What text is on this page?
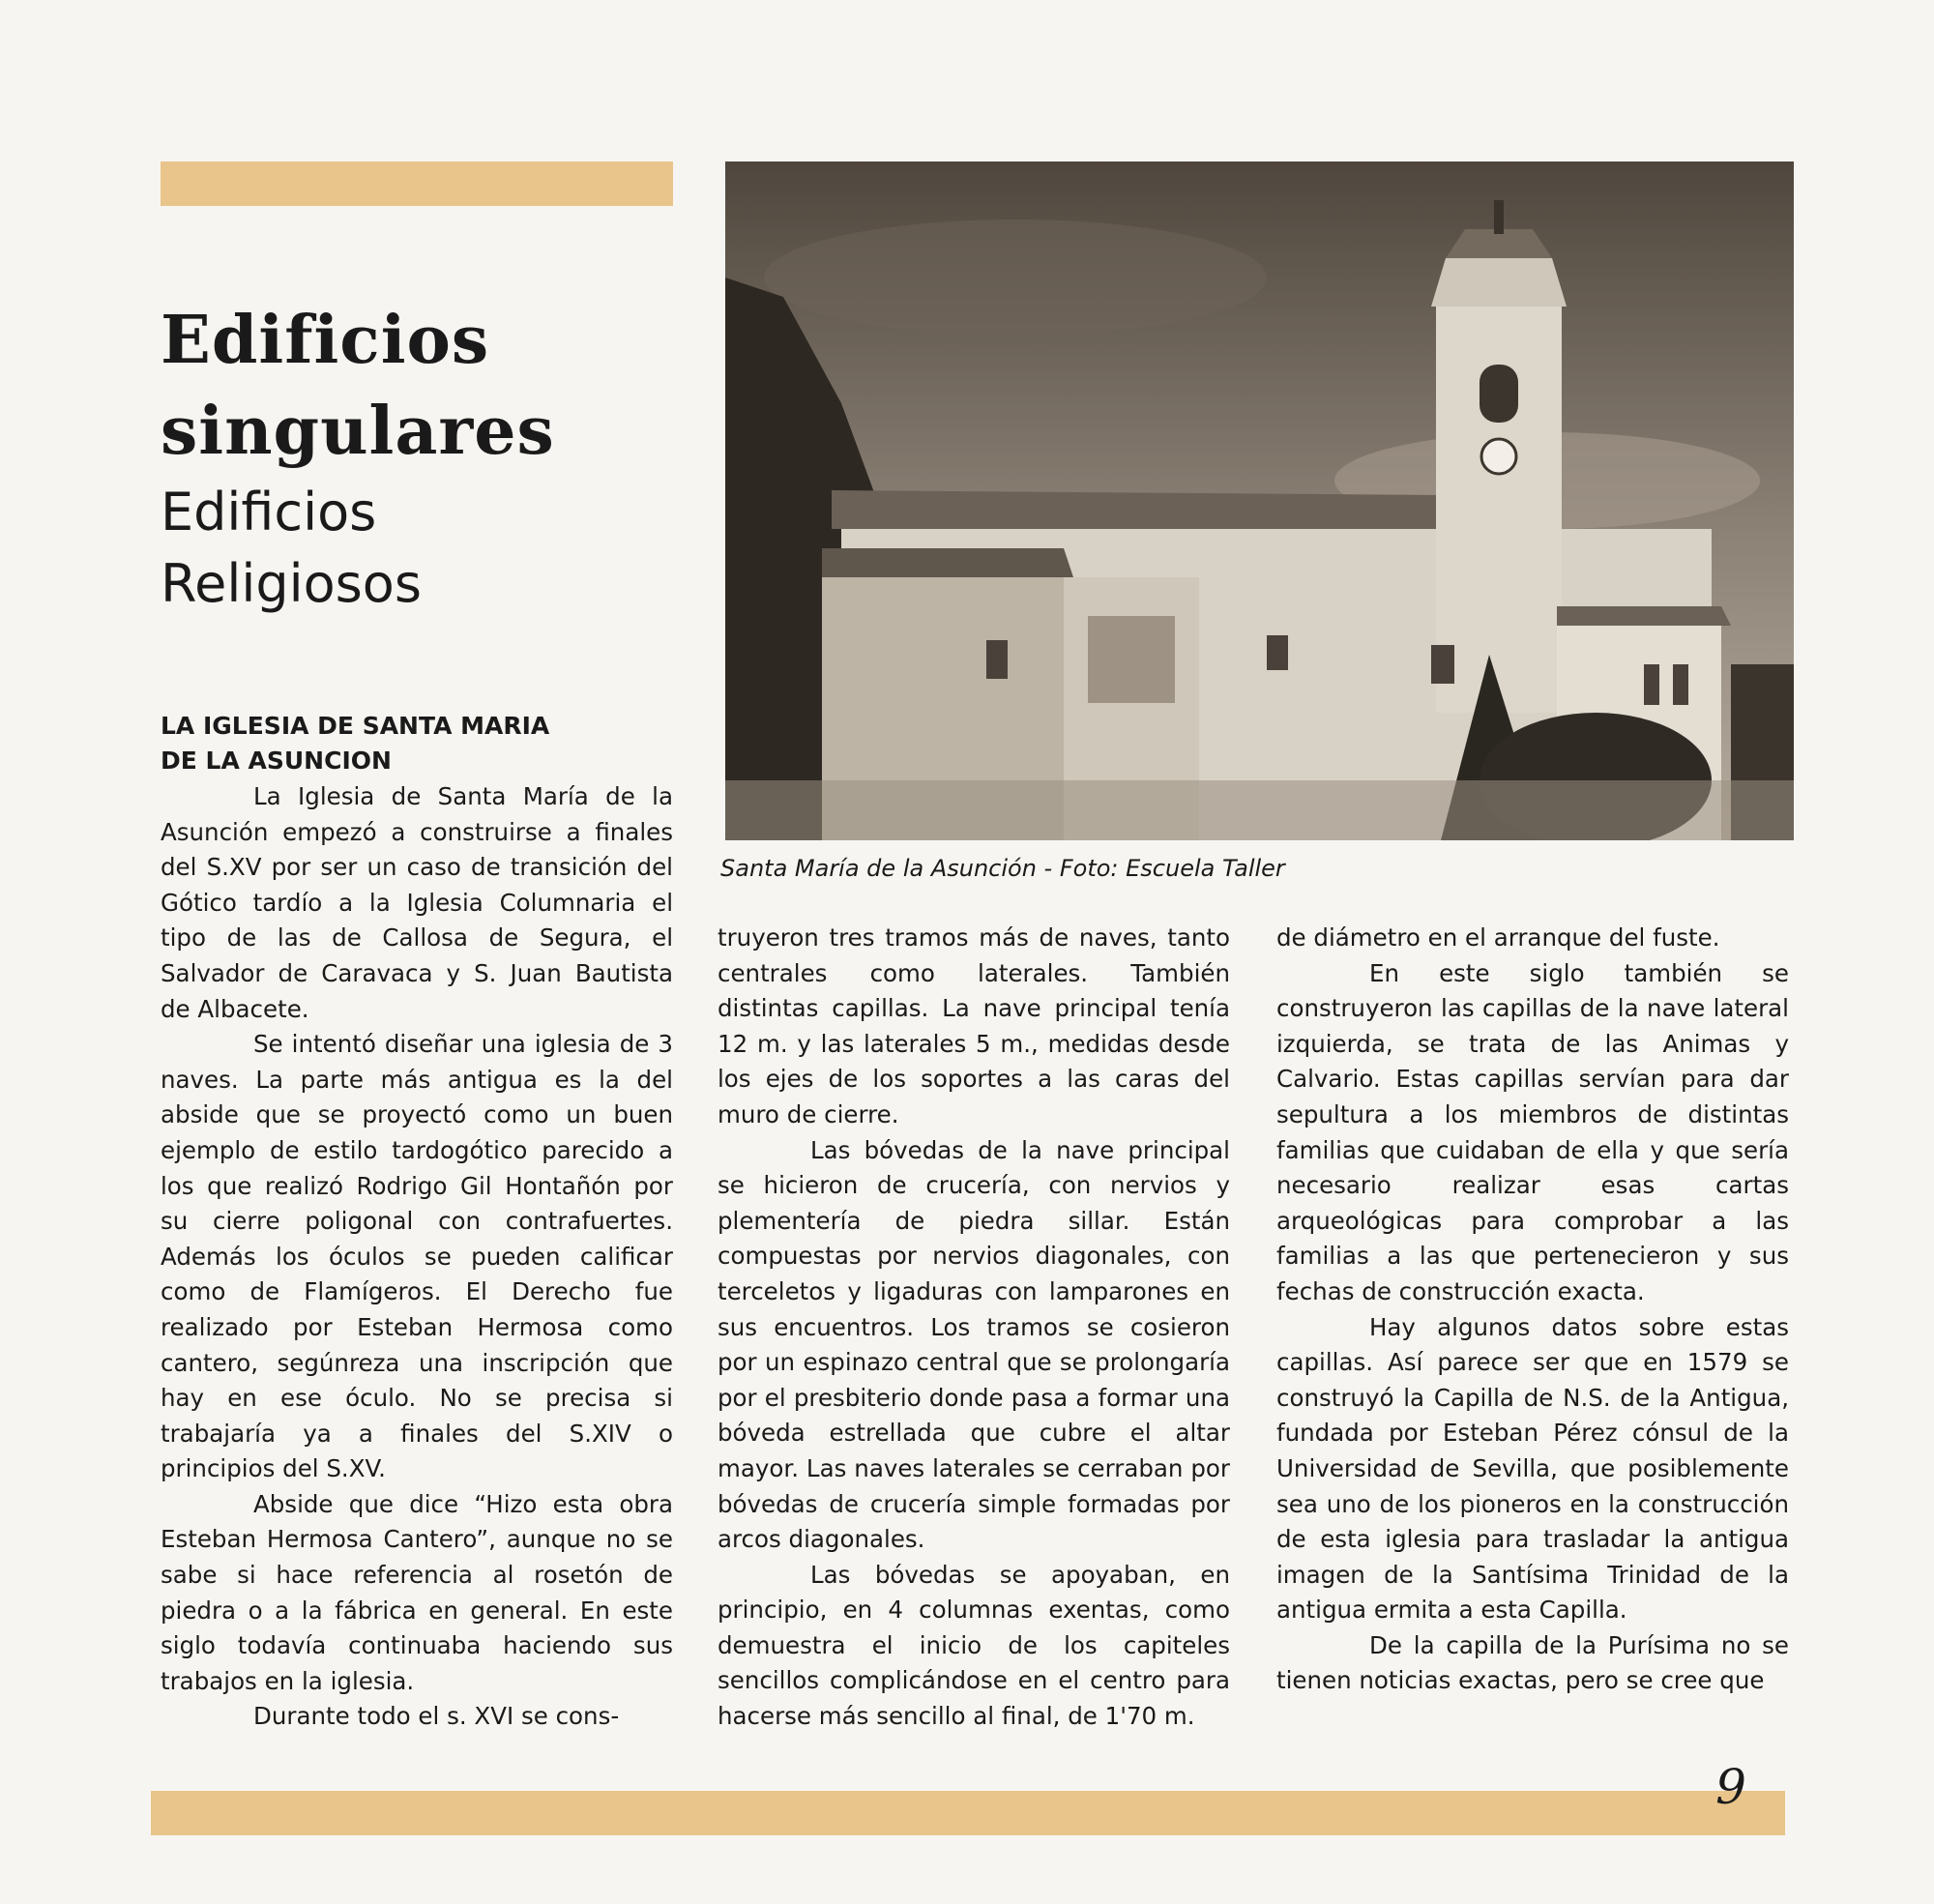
Edificios
singulares
Edificios
Religiosos
LA IGLESIA DE SANTA MARIA
DE LA ASUNCION

La Iglesia de Santa María de la Asunción empezó a construirse a finales del S.XV por ser un caso de transición del Gótico tardío a la Iglesia Columnaria el tipo de las de Callosa de Segura, el Salvador de Caravaca y S. Juan Bautista de Albacete.

Se intentó diseñar una iglesia de 3 naves. La parte más antigua es la del abside que se proyectó como un buen ejemplo de estilo tardogótico parecido a los que realizó Rodrigo Gil Hontañón por su cierre poligonal con contrafuertes. Además los óculos se pueden calificar como de Flamígeros. El Derecho fue realizado por Esteban Hermosa como cantero, segúnreza una inscripción que hay en ese óculo. No se precisa si trabajaría ya a finales del S.XIV o principios del S.XV.

Abside que dice “Hizo esta obra Esteban Hermosa Cantero”, aunque no se sabe si hace referencia al rosetón de piedra o a la fábrica en general. En este siglo todavía continuaba haciendo sus trabajos en la iglesia.

Durante todo el s. XVI se cons-

Santa María de la Asunción - Foto: Escuela Taller

truyeron tres tramos más de naves, tanto centrales como laterales. También distintas capillas. La nave principal tenía 12 m. y las laterales 5 m., medidas desde los ejes de los soportes a las caras del muro de cierre.

Las bóvedas de la nave principal se hicieron de crucería, con nervios y plementería de piedra sillar. Están compuestas por nervios diagonales, con terceletos y ligaduras con lamparones en sus encuentros. Los tramos se cosieron por un espinazo central que se prolongaría por el presbiterio donde pasa a formar una bóveda estrellada que cubre el altar mayor. Las naves laterales se cerraban por bóvedas de crucería simple formadas por arcos diagonales.

Las bóvedas se apoyaban, en principio, en 4 columnas exentas, como demuestra el inicio de los capiteles sencillos complicándose en el centro para hacerse más sencillo al final, de 1'70 m.

de diámetro en el arranque del fuste.

En este siglo también se construyeron las capillas de la nave lateral izquierda, se trata de las Animas y Calvario. Estas capillas servían para dar sepultura a los miembros de distintas familias que cuidaban de ella y que sería necesario realizar esas cartas arqueológicas para comprobar a las familias a las que pertenecieron y sus fechas de construcción exacta.

Hay algunos datos sobre estas capillas. Así parece ser que en 1579 se construyó la Capilla de N.S. de la Antigua, fundada por Esteban Pérez cónsul de la Universidad de Sevilla, que posiblemente sea uno de los pioneros en la construcción de esta iglesia para trasladar la antigua imagen de la Santísima Trinidad de la antigua ermita a esta Capilla.

De la capilla de la Purísima no se tienen noticias exactas, pero se cree que

9
